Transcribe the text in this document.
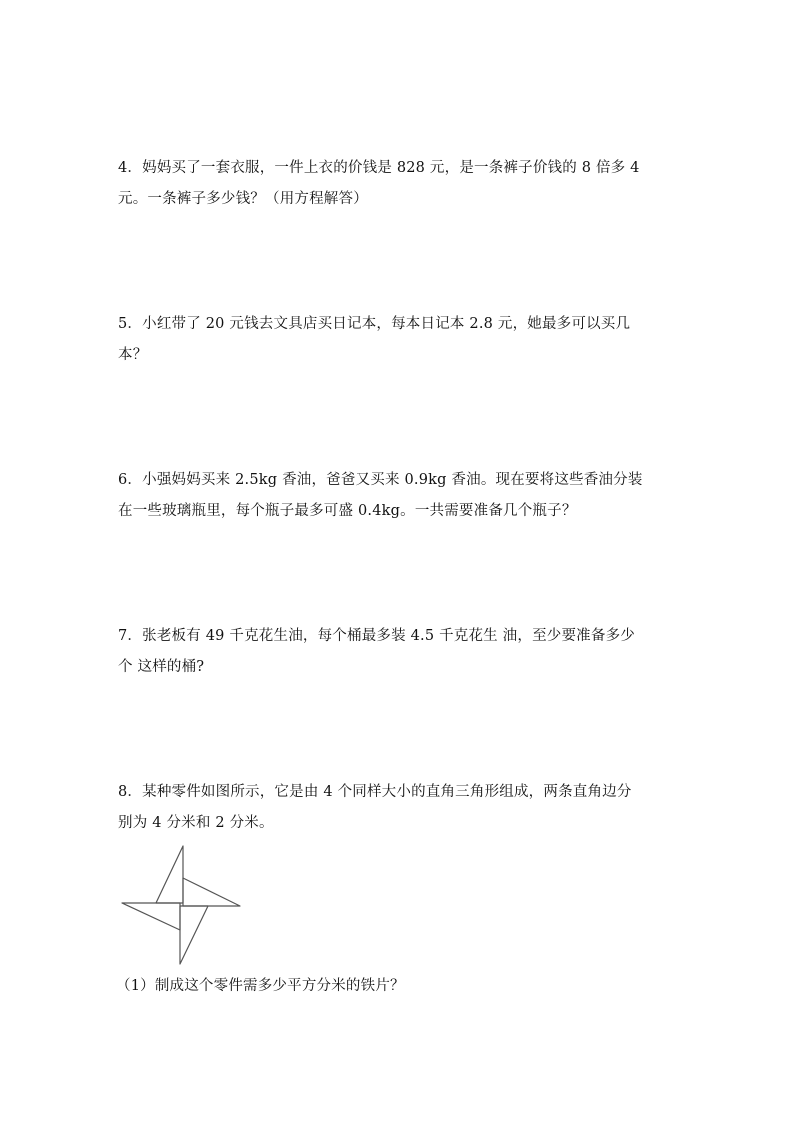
4．妈妈买了一套衣服，一件上衣的价钱是 828 元，是一条裤子价钱的 8 倍多 4
元。一条裤子多少钱？（用方程解答）
5．小红带了 20 元钱去文具店买日记本，每本日记本 2.8 元，她最多可以买几
本？
6．小强妈妈买来 2.5kg 香油，爸爸又买来 0.9kg 香油。现在要将这些香油分装
在一些玻璃瓶里，每个瓶子最多可盛 0.4kg。一共需要准备几个瓶子？
7．张老板有 49 千克花生油，每个桶最多装 4.5 千克花生 油，至少要准备多少
个 这样的桶?
8．某种零件如图所示，它是由 4 个同样大小的直角三角形组成，两条直角边分
别为 4 分米和 2 分米。
（1）制成这个零件需多少平方分米的铁片？
